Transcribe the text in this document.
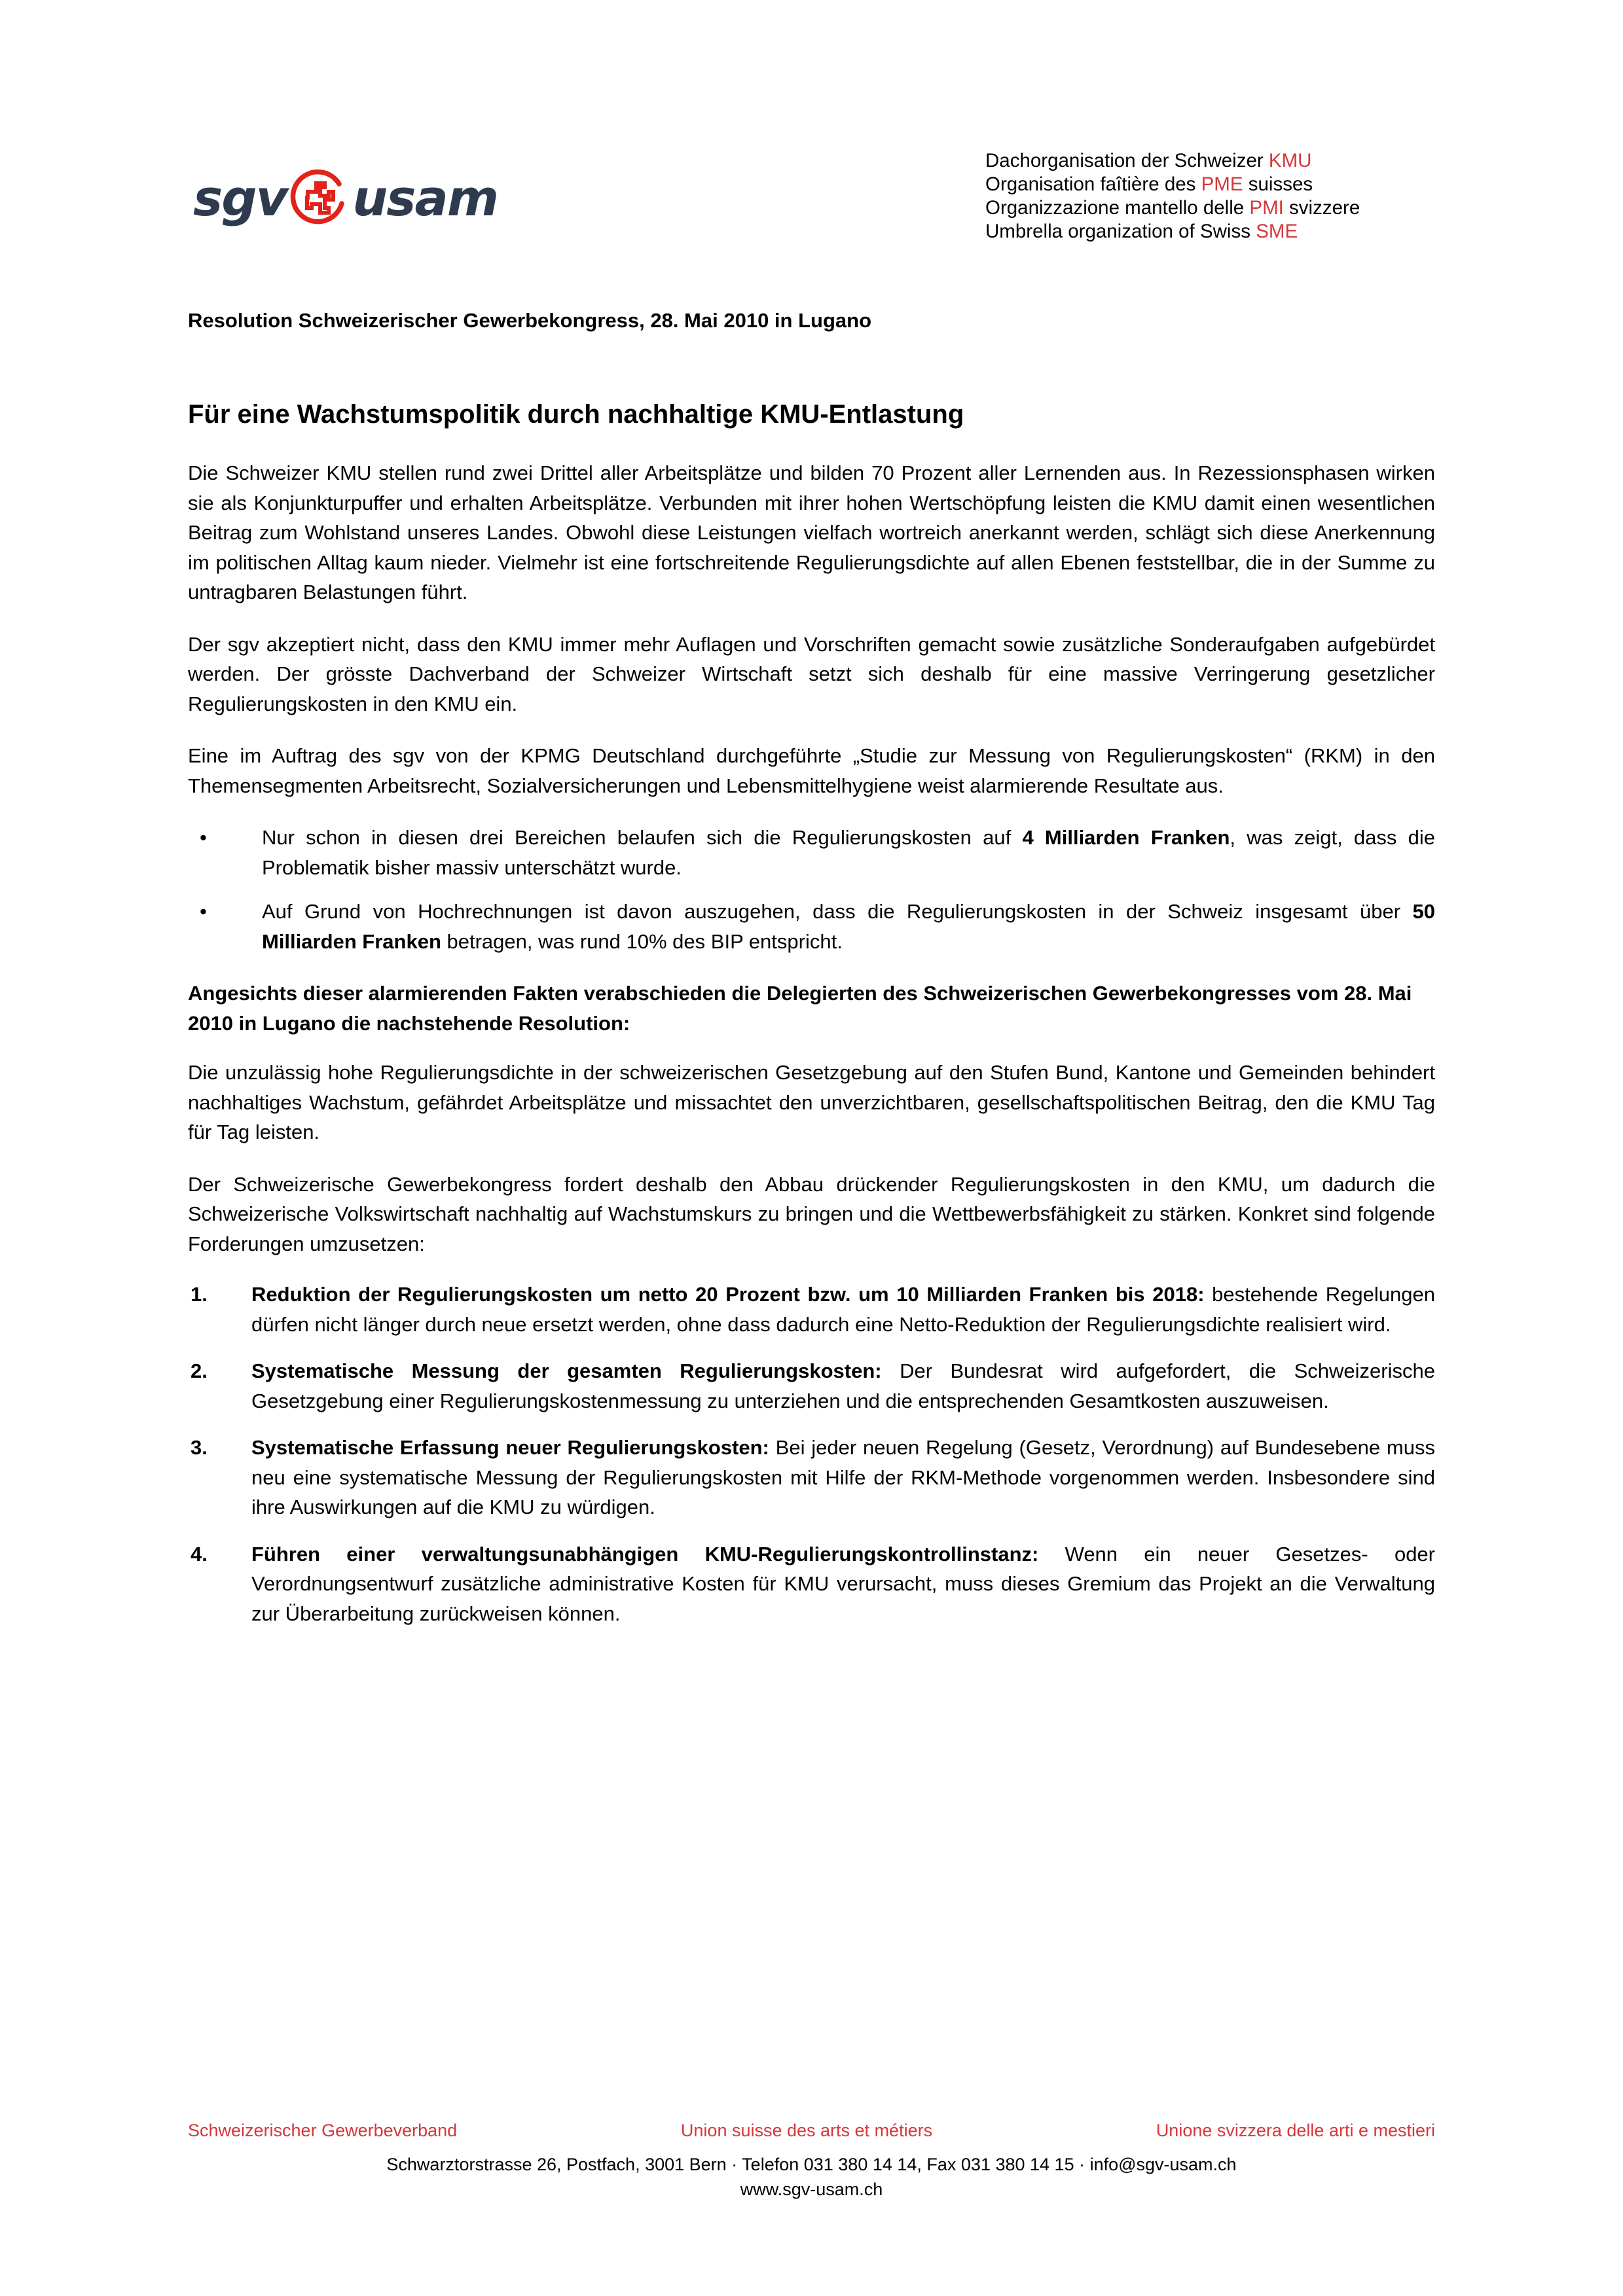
sgv usam
Dachorganisation der Schweizer KMU
Organisation faîtière des PME suisses
Organizzazione mantello delle PMI svizzere
Umbrella organization of Swiss SME
Resolution Schweizerischer Gewerbekongress, 28. Mai 2010 in Lugano
Für eine Wachstumspolitik durch nachhaltige KMU-Entlastung

Die Schweizer KMU stellen rund zwei Drittel aller Arbeitsplätze und bilden 70 Prozent aller Lernenden aus. In Rezessionsphasen wirken sie als Konjunkturpuffer und erhalten Arbeitsplätze. Verbunden mit ihrer hohen Wertschöpfung leisten die KMU damit einen wesentlichen Beitrag zum Wohlstand unseres Landes. Obwohl diese Leistungen vielfach wortreich anerkannt werden, schlägt sich diese Anerkennung im politischen Alltag kaum nieder. Vielmehr ist eine fortschreitende Regulierungsdichte auf allen Ebenen feststellbar, die in der Summe zu untragbaren Belastungen führt.

Der sgv akzeptiert nicht, dass den KMU immer mehr Auflagen und Vorschriften gemacht sowie zusätzliche Sonderaufgaben aufgebürdet werden. Der grösste Dachverband der Schweizer Wirtschaft setzt sich deshalb für eine massive Verringerung gesetzlicher Regulierungskosten in den KMU ein.

Eine im Auftrag des sgv von der KPMG Deutschland durchgeführte „Studie zur Messung von Regulierungskosten“ (RKM) in den Themensegmenten Arbeitsrecht, Sozialversicherungen und Lebensmittelhygiene weist alarmierende Resultate aus.

•	Nur schon in diesen drei Bereichen belaufen sich die Regulierungskosten auf 4 Milliarden Franken, was zeigt, dass die Problematik bisher massiv unterschätzt wurde.
•	Auf Grund von Hochrechnungen ist davon auszugehen, dass die Regulierungskosten in der Schweiz insgesamt über 50 Milliarden Franken betragen, was rund 10% des BIP entspricht.

Angesichts dieser alarmierenden Fakten verabschieden die Delegierten des Schweizerischen Gewerbekongresses vom 28. Mai 2010 in Lugano die nachstehende Resolution:

Die unzulässig hohe Regulierungsdichte in der schweizerischen Gesetzgebung auf den Stufen Bund, Kantone und Gemeinden behindert nachhaltiges Wachstum, gefährdet Arbeitsplätze und missachtet den unverzichtbaren, gesellschaftspolitischen Beitrag, den die KMU Tag für Tag leisten.

Der Schweizerische Gewerbekongress fordert deshalb den Abbau drückender Regulierungskosten in den KMU, um dadurch die Schweizerische Volkswirtschaft nachhaltig auf Wachstumskurs zu bringen und die Wettbewerbsfähigkeit zu stärken. Konkret sind folgende Forderungen umzusetzen:

1. Reduktion der Regulierungskosten um netto 20 Prozent bzw. um 10 Milliarden Franken bis 2018: bestehende Regelungen dürfen nicht länger durch neue ersetzt werden, ohne dass dadurch eine Netto-Reduktion der Regulierungsdichte realisiert wird.
2. Systematische Messung der gesamten Regulierungskosten: Der Bundesrat wird aufgefordert, die Schweizerische Gesetzgebung einer Regulierungskostenmessung zu unterziehen und die entsprechenden Gesamtkosten auszuweisen.
3. Systematische Erfassung neuer Regulierungskosten: Bei jeder neuen Regelung (Gesetz, Verordnung) auf Bundesebene muss neu eine systematische Messung der Regulierungskosten mit Hilfe der RKM-Methode vorgenommen werden. Insbesondere sind ihre Auswirkungen auf die KMU zu würdigen.
4. Führen einer verwaltungsunabhängigen KMU-Regulierungskontrollinstanz: Wenn ein neuer Gesetzes- oder Verordnungsentwurf zusätzliche administrative Kosten für KMU verursacht, muss dieses Gremium das Projekt an die Verwaltung zur Überarbeitung zurückweisen können.
Schweizerischer Gewerbeverband	Union suisse des arts et métiers	Unione svizzera delle arti e mestieri
Schwarztorstrasse 26, Postfach, 3001 Bern · Telefon 031 380 14 14, Fax 031 380 14 15 · info@sgv-usam.ch
www.sgv-usam.ch
